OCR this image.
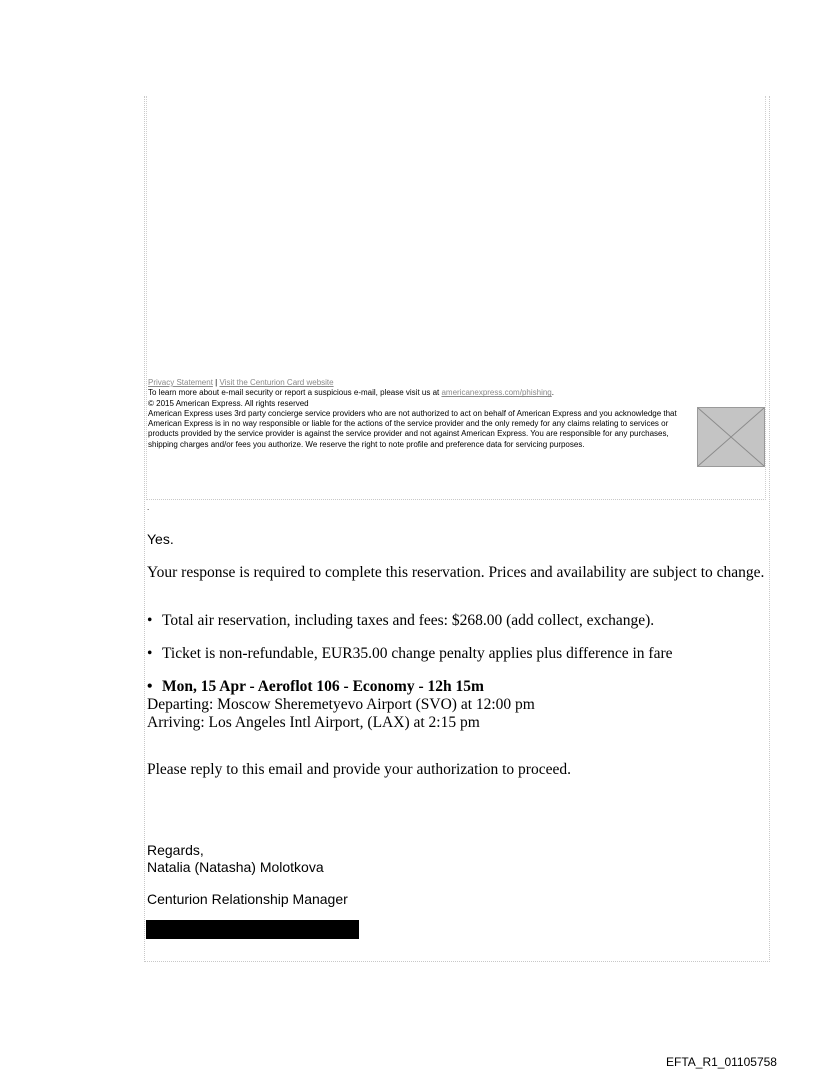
Privacy Statement | Visit the Centurion Card website
To learn more about e-mail security or report a suspicious e-mail, please visit us at americanexpress.com/phishing.
© 2015 American Express. All rights reserved
American Express uses 3rd party concierge service providers who are not authorized to act on behalf of American Express and you acknowledge that American Express is in no way responsible or liable for the actions of the service provider and the only remedy for any claims relating to services or products provided by the service provider is against the service provider and not against American Express. You are responsible for any purchases, shipping charges and/or fees you authorize. We reserve the right to note profile and preference data for servicing purposes.
.
Yes.
Your response is required to complete this reservation. Prices and availability are subject to change.
• Total air reservation, including taxes and fees: $268.00 (add collect, exchange).
• Ticket is non-refundable, EUR35.00 change penalty applies plus difference in fare
• Mon, 15 Apr - Aeroflot 106 - Economy - 12h 15m
Departing: Moscow Sheremetyevo Airport (SVO) at 12:00 pm
Arriving: Los Angeles Intl Airport, (LAX) at 2:15 pm
Please reply to this email and provide your authorization to proceed.
Regards,
Natalia (Natasha) Molotkova
Centurion Relationship Manager
EFTA_R1_01105758
